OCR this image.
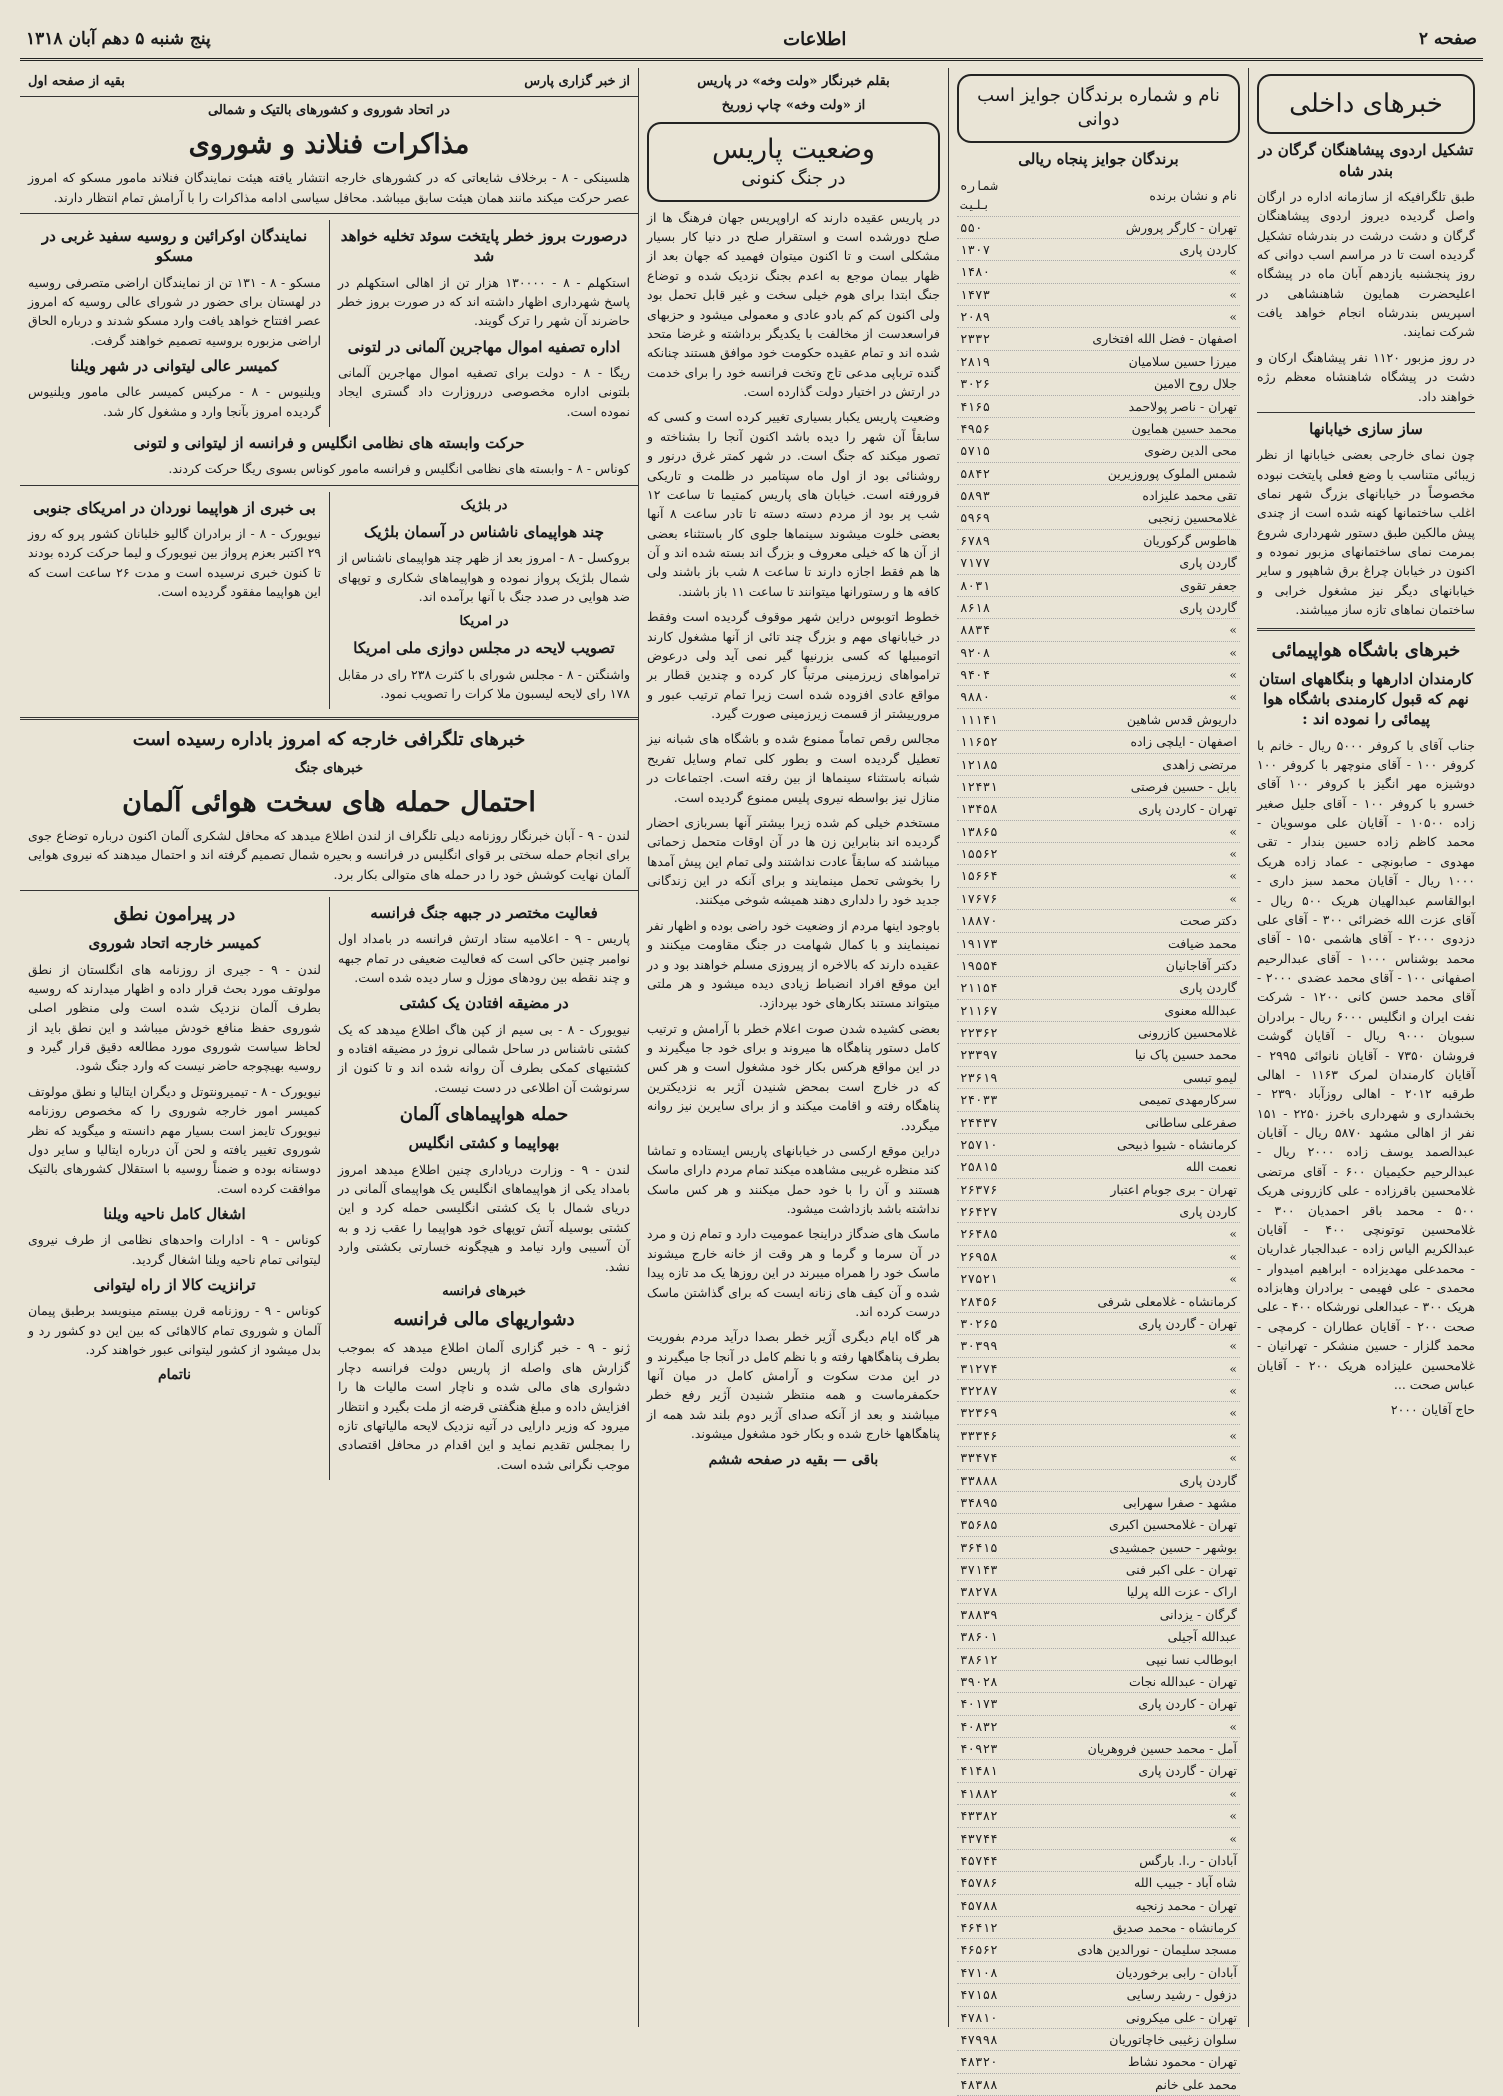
صفحه ۲
اطلاعات
پنج شنبه ۵ دهم آبان ۱۳۱۸
خبرهای داخلی
تشکیل اردوی پیشاهنگان گرگان در بندر شاه

طبق تلگرافیکه از سازمانه اداره در ارگان واصل گردیده دیروز اردوی پیشاهنگان گرگان و دشت درشت در بندرشاه تشکیل گردیده است تا در مراسم اسب دوانی که روز پنجشنبه یازدهم آبان ماه در پیشگاه اعلیحضرت همایون شاهنشاهی در اسپریس بندرشاه انجام خواهد یافت شرکت نمایند.

در روز مزبور ۱۱۲۰ نفر پیشاهنگ ارکان و دشت در پیشگاه شاهنشاه معظم رژه خواهند داد.

ساز سازی خیابانها

چون نمای خارجی بعضی خیابانها از نظر زیبائی متناسب با وضع فعلی پایتخت نبوده مخصوصاً در خیابانهای بزرگ شهر نمای اغلب ساختمانها کهنه شده است از چندی پیش مالکین طبق دستور شهرداری شروع بمرمت نمای ساختمانهای مزبور نموده و اکنون در خیابان چراغ برق شاهپور و سایر خیابانهای دیگر نیز مشغول خرابی و ساختمان نماهای تازه ساز میباشند.

خبرهای باشگاه هواپیمائی
کارمندان ادارهها و بنگاههای استان نهم که قبول کارمندی باشگاه هوا پیمائی را نموده اند :

جناب آقای با کروفر ۵۰۰۰ ریال - خانم با کروفر ۱۰۰ - آقای منوچهر با کروفر ۱۰۰ دوشیزه مهر انگیز با کروفر ۱۰۰ آقای خسرو با کروفر ۱۰۰ - آقای جلیل صغیر زاده ۱۰۵۰۰ - آقایان علی موسویان - محمد کاظم زاده حسین بندار - تقی مهدوی - صابونچی - عماد زاده هریک ۱۰۰۰ ریال - آقایان محمد سبز داری - ابوالقاسم عبدالهیان هریک ۵۰۰ ریال - آقای عزت الله خضرائی ۳۰۰ - آقای علی دزدوی ۲۰۰۰ - آقای هاشمی ۱۵۰ - آقای محمد بوشناس ۱۰۰۰ - آقای عبدالرحیم اصفهانی ۱۰۰ - آقای محمد عضدی ۲۰۰۰ - آقای محمد حسن کانی ۱۲۰۰ - شرکت نفت ایران و انگلیس ۶۰۰۰ ریال - برادران سبویان ۹۰۰۰ ریال - آقایان گوشت فروشان ۷۳۵۰ - آقایان نانوائی ۲۹۹۵ - آقایان کارمندان لمرک ۱۱۶۳ - اهالی طرقبه ۲۰۱۲ - اهالی روزآباد ۲۳۹۰ - بخشداری و شهرداری باخرز ۲۲۵۰ - ۱۵۱ نفر از اهالی مشهد ۵۸۷۰ ریال - آقایان عبدالصمد یوسف زاده ۲۰۰۰ ریال - عبدالرحیم حکیمیان ۶۰۰ - آقای مرتضی غلامحسین باقرزاده - علی کازرونی هریک ۵۰۰ - محمد باقر احمدیان ۳۰۰ - غلامحسین توتونچی ۴۰۰ - آقایان عبدالکریم الیاس زاده - عبدالجبار غداریان - محمدعلی مهدیزاده - ابراهیم امیدوار - محمدی - علی فهیمی - برادران وهابزاده هریک ۳۰۰ - عبدالعلی نورشکاه ۴۰۰ - علی صحت ۲۰۰ - آقایان عطاران - کرمچی - محمد گلزار - حسین منشکر - تهرانیان - غلامحسین علیزاده هریک ۲۰۰ - آقایان عباس صحت ...

حاج آقایان ۲۰۰۰

نام و شماره برندگان جوایز اسب دوانی
برندگان جوایز پنجاه ریالی
نام و نشان برنده	شماره بلیت
تهران - کارگر پرورش	۵۵۰
کاردن پاری	۱۳۰۷
»	۱۴۸۰
»	۱۴۷۳
»	۲۰۸۹
اصفهان - فضل الله افتخاری	۲۳۳۲
میرزا حسین سلامیان	۲۸۱۹
جلال روح الامین	۳۰۲۶
تهران - ناصر پولاحمد	۴۱۶۵
محمد حسین همایون	۴۹۵۶
محی الدین رضوی	۵۷۱۵
شمس الملوک پوروزیرین	۵۸۴۲
تقی محمد علیزاده	۵۸۹۳
غلامحسین زنجبی	۵۹۶۹
هاطوس گرکوریان	۶۷۸۹
گاردن پاری	۷۱۷۷
جعفر تقوی	۸۰۳۱
گاردن پاری	۸۶۱۸
»	۸۸۳۴
»	۹۲۰۸
»	۹۴۰۴
»	۹۸۸۰
داریوش قدس شاهین	۱۱۱۴۱
اصفهان - ایلچی زاده	۱۱۶۵۲
مرتضی زاهدی	۱۲۱۸۵
بابل - حسین فرصتی	۱۲۴۳۱
تهران - کاردن پاری	۱۳۴۵۸
»	۱۳۸۶۵
»	۱۵۵۶۲
»	۱۵۶۶۴
»	۱۷۶۷۶
دکتر صحت	۱۸۸۷۰
محمد ضیافت	۱۹۱۷۳
دکتر آقاجانیان	۱۹۵۵۴
گاردن پاری	۲۱۱۵۴
عبدالله معنوی	۲۱۱۶۷
غلامحسین کازرونی	۲۲۳۶۲
محمد حسین پاک نیا	۲۳۳۹۷
لیمو تبسی	۲۳۶۱۹
سرکارمهدی تمیمی	۲۴۰۳۳
صفرعلی ساطانی	۲۴۴۳۷
کرمانشاه - شیوا ذبیحی	۲۵۷۱۰
نعمت الله	۲۵۸۱۵
تهران - بری جوبام اعتبار	۲۶۳۷۶
کاردن پاری	۲۶۴۲۷
»	۲۶۴۸۵
»	۲۶۹۵۸
»	۲۷۵۲۱
کرمانشاه - غلامعلی شرفی	۲۸۴۵۶
تهران - گاردن پاری	۳۰۲۶۵
»	۳۰۳۹۹
»	۳۱۲۷۴
»	۳۲۲۸۷
»	۳۲۳۶۹
»	۳۳۳۴۶
»	۳۳۴۷۴
گاردن پاری	۳۳۸۸۸
مشهد - صفرا سهرابی	۳۴۸۹۵
تهران - غلامحسین اکبری	۳۵۶۸۵
بوشهر - حسین جمشیدی	۳۶۴۱۵
تهران - علی اکبر فنی	۳۷۱۴۳
اراک - عزت الله پرلیا	۳۸۲۷۸
گرگان - یزدانی	۳۸۸۳۹
عبدالله آجیلی	۳۸۶۰۱
ابوطالب نسا نیپی	۳۸۶۱۲
تهران - عبدالله نجات	۳۹۰۲۸
تهران - کاردن پاری	۴۰۱۷۳
»	۴۰۸۳۲
آمل - محمد حسین فروهریان	۴۰۹۲۳
تهران - گاردن پاری	۴۱۴۸۱
»	۴۱۸۸۲
»	۴۳۳۸۲
»	۴۳۷۴۴
آبادان - ر.ا. بارگس	۴۵۷۴۴
شاه آباد - جبیب الله	۴۵۷۸۶
تهران - محمد زنجیه	۴۵۷۸۸
کرمانشاه - محمد صدیق	۴۶۴۱۲
مسجد سلیمان - نورالدین هادی	۴۶۵۶۲
آبادان - رابی برخوردیان	۴۷۱۰۸
دزفول - رشید رسایی	۴۷۱۵۸
تهران - علی میکرونی	۴۷۸۱۰
سلوان زغیبی خاچاتوریان	۴۷۹۹۸
تهران - محمود نشاط	۴۸۳۲۰
محمد علی خانم	۴۸۳۸۸
بقلم خبرنگار «ولت وخه» در پاریس
از «ولت وخه» چاپ زوریخ
وضعیت پاریس
در جنگ کنونی

در پاریس عقیده دارند که اراوپریس جهان فرهنگ ها از صلح دورشده است و استقرار صلح در دنیا کار بسیار مشکلی است و تا اکنون میتوان فهمید که جهان بعد از ظهار بیمان موجع به اعدم بجنگ نزدیک شده و توضاع جنگ ابتدا برای هوم خیلی سخت و غیر قابل تحمل بود ولی اکنون کم کم بادو عادی و معمولی میشود و حزبهای فراسعدست از مخالفت با یکدیگر برداشته و غرضا متحد شده اند و تمام عقیده حکومت خود موافق هستند چنانکه گنده ترباپی مدعی تاج وتخت فرانسه خود را برای خدمت در ارتش در اختیار دولت گذارده است.

وضعیت پاریس یکبار بسیاری تغییر کرده است و کسی که سابقاً آن شهر را دیده باشد اکنون آنجا را بشناخته و تصور میکند که جنگ است. در شهر کمتر غرق درنور و روشنائی بود از اول ماه سپتامبر در ظلمت و تاریکی فرورفته است. خیابان های پاریس کمتیما تا ساعت ۱۲ شب پر بود از مردم دسته دسته تا تادر ساعت ۸ آنها بعضی خلوت میشوند سینماها جلوی کار باستثناء بعضی از آن ها که خیلی معروف و بزرگ اند بسته شده اند و آن ها هم فقط اجازه دارند تا ساعت ۸ شب باز باشند ولی کافه ها و رستورانها میتوانند تا ساعت ۱۱ باز باشند.

خطوط اتوبوس دراین شهر موقوف گردیده است وفقط در خیابانهای مهم و بزرگ چند تائی از آنها مشغول کارند اتومبیلها که کسی بزرنیها گیر نمی آید ولی درعوض ترامواهای زیرزمینی مرتباً کار کرده و چندین قطار بر مواقع عادی افزوده شده است زیرا تمام ترتیب عبور و مرورییشتر از قسمت زیرزمینی صورت گیرد.

مجالس رقص تماماً ممنوع شده و باشگاه های شبانه نیز تعطیل گردیده است و بطور کلی تمام وسایل تفریح شبانه باستثناء سینماها از بین رفته است. اجتماعات در منازل نیز بواسطه نیروی پلیس ممنوع گردیده است.

مستخدم خیلی کم شده زیرا بیشتر آنها بسربازی احضار گردیده اند بنابراین زن ها در آن اوقات متحمل زحماتی میباشند که سابقاً عادت نداشتند ولی تمام این پیش آمدها را بخوشی تحمل مینمایند و برای آنکه در این زندگانی جدید خود را دلداری دهند همیشه شوخی میکنند.

باوجود اینها مردم از وضعیت خود راضی بوده و اظهار نفر نمینمایند و با کمال شهامت در جنگ مقاومت میکنند و عقیده دارند که بالاخره از پیروزی مسلم خواهند بود و در این موقع افراد انضباط زیادی دیده میشود و هر ملتی میتواند مستند بکارهای خود بپردازد.

بعضی کشیده شدن صوت اعلام خطر با آرامش و ترتیب کامل دستور پناهگاه ها میروند و برای خود جا میگیرند و در این مواقع هرکس بکار خود مشغول است و هر کس که در خارج است بمحض شنیدن آژیر به نزدیکترین پناهگاه رفته و اقامت میکند و از برای سایرین نیز روانه میگردد.

دراین موقع ارکسی در خیابانهای پاریس ایستاده و تماشا کند منظره غریبی مشاهده میکند تمام مردم دارای ماسک هستند و آن را با خود حمل میکنند و هر کس ماسک نداشته باشد بازداشت میشود.

ماسک های ضدگاز دراینجا عمومیت دارد و تمام زن و مرد در آن سرما و گرما و هر وقت از خانه خارج میشوند ماسک خود را همراه میبرند در این روزها یک مد تازه پیدا شده و آن کیف های زنانه ایست که برای گذاشتن ماسک درست کرده اند.

هر گاه ایام دیگری آژیر خطر بصدا درآید مردم بفوریت بطرف پناهگاهها رفته و با نظم کامل در آنجا جا میگیرند و در این مدت سکوت و آرامش کامل در میان آنها حکمفرماست و همه منتظر شنیدن آژیر رفع خطر میباشند و بعد از آنکه صدای آژیر دوم بلند شد همه از پناهگاهها خارج شده و بکار خود مشغول میشوند.

باقی — بقیه در صفحه ششم
از خبر گزاری پارس
بقیه از صفحه اول
در اتحاد شوروی و کشورهای بالتیک و شمالی
مذاکرات فنلاند و شوروی

هلسینکی - ۸ - برخلاف شایعاتی که در کشورهای خارجه انتشار یافته هیئت نمایندگان فنلاند مامور مسکو که امروز عصر حرکت میکند مانند همان هیئت سابق میباشد. محافل سیاسی ادامه مذاکرات را با آرامش تمام انتظار دارند.

درصورت بروز خطر پایتخت سوئد تخلیه خواهد شد

استکهلم - ۸ - ۱۳۰۰۰۰ هزار تن از اهالی استکهلم در پاسخ شهرداری اظهار داشته اند که در صورت بروز خطر حاضرند آن شهر را ترک گویند.

اداره تصفیه اموال مهاجرین آلمانی در لتونی

ریگا - ۸ - دولت برای تصفیه اموال مهاجرین آلمانی بلتونی اداره مخصوصی درروزارت داد گستری ایجاد نموده است.

نمایندگان اوکرائین و روسیه سفید غربی در مسکو

مسکو - ۸ - ۱۳۱ تن از نمایندگان اراضی متصرفی روسیه در لهستان برای حضور در شورای عالی روسیه که امروز عصر افتتاح خواهد یافت وارد مسکو شدند و درباره الحاق اراضی مزبوره بروسیه تصمیم خواهند گرفت.

کمیسر عالی لیتوانی در شهر ویلنا

ویلنیوس - ۸ - مرکیس کمیسر عالی مامور ویلنیوس گردیده امروز بآنجا وارد و مشغول کار شد.

حرکت وابسته های نظامی انگلیس و فرانسه از لیتوانی و لتونی

کوناس - ۸ - وابسته های نظامی انگلیس و فرانسه مامور کوناس بسوی ریگا حرکت کردند.

در بلژیک
چند هواپیمای ناشناس در آسمان بلژیک

بروکسل - ۸ - امروز بعد از ظهر چند هواپیمای ناشناس از شمال بلژیک پرواز نموده و هواپیماهای شکاری و توپهای ضد هوایی در صدد جنگ با آنها برآمده اند.

در امریکا
تصویب لایحه در مجلس دوازی ملی امریکا

واشنگتن - ۸ - مجلس شورای با کثرت ۲۳۸ رای در مقابل ۱۷۸ رای لایحه لیسبون ملا کرات را تصویب نمود.

بی خبری از هواپیما نوردان در امریکای جنوبی

نیویورک - ۸ - از برادران گالیو خلبانان کشور پرو که روز ۲۹ اکتبر بعزم پرواز بین نیویورک و لیما حرکت کرده بودند تا کنون خبری نرسیده است و مدت ۲۶ ساعت است که این هواپیما مفقود گردیده است.

خبرهای تلگرافی خارجه که امروز باداره رسیده است
خبرهای جنگ
احتمال حمله های سخت هوائی آلمان

لندن - ۹ - آبان خبرنگار روزنامه دیلی تلگراف از لندن اطلاع میدهد که محافل لشکری آلمان اکنون درباره توضاع جوی برای انجام حمله سختی بر قوای انگلیس در فرانسه و بحیره شمال تصمیم گرفته اند و احتمال میدهند که نیروی هوایی آلمان نهایت کوشش خود را در حمله های متوالی بکار برد.

فعالیت مختصر در جبهه جنگ فرانسه

پاریس - ۹ - اعلامیه ستاد ارتش فرانسه در بامداد اول نوامبر چنین حاکی است که فعالیت ضعیفی در تمام جبهه و چند نقطه بین رودهای موزل و سار دیده شده است.

در مضیقه افتادن یک کشتی

نیویورک - ۸ - بی سیم از کپن هاگ اطلاع میدهد که یک کشتی ناشناس در ساحل شمالی نروژ در مضیقه افتاده و کشتیهای کمکی بطرف آن روانه شده اند و تا کنون از سرنوشت آن اطلاعی در دست نیست.

حمله هواپیماهای آلمان
بهواپیما و کشتی انگلیس

لندن - ۹ - وزارت دریاداری چنین اطلاع میدهد امروز بامداد یکی از هواپیماهای انگلیس یک هواپیمای آلمانی در دریای شمال با یک کشتی انگلیسی حمله کرد و این کشتی بوسیله آتش توپهای خود هواپیما را عقب زد و به آن آسیبی وارد نیامد و هیچگونه خسارتی بکشتی وارد نشد.

خبرهای فرانسه
دشواریهای مالی فرانسه

ژنو - ۹ - خبر گزاری آلمان اطلاع میدهد که بموجب گزارش های واصله از پاریس دولت فرانسه دچار دشواری های مالی شده و ناچار است مالیات ها را افزایش داده و مبلغ هنگفتی قرضه از ملت بگیرد و انتظار میرود که وزیر دارایی در آتیه نزدیک لایحه مالیاتهای تازه را بمجلس تقدیم نماید و این اقدام در محافل اقتصادی موجب نگرانی شده است.

در پیرامون نطق
کمیسر خارجه اتحاد شوروی

لندن - ۹ - جیری از روزنامه های انگلستان از نطق مولوتف مورد بحث قرار داده و اظهار میدارند که روسیه بطرف آلمان نزدیک شده است ولی منظور اصلی شوروی حفظ منافع خودش میباشد و این نطق باید از لحاظ سیاست شوروی مورد مطالعه دقیق قرار گیرد و روسیه بهیچوجه حاضر نیست که وارد جنگ شود.

نیویورک - ۸ - تیمیرونتوتل و دیگران ایتالیا و نطق مولوتف کمیسر امور خارجه شوروی را که مخصوص روزنامه نیویورک تایمز است بسیار مهم دانسته و میگوید که نظر شوروی تغییر یافته و لحن آن درباره ایتالیا و سایر دول دوستانه بوده و ضمناً روسیه با استقلال کشورهای بالتیک موافقت کرده است.

اشغال کامل ناحیه ویلنا

کوناس - ۹ - ادارات واحدهای نظامی از طرف نیروی لیتوانی تمام ناحیه ویلنا اشغال گردید.

ترانزیت کالا از راه لیتوانی

کوناس - ۹ - روزنامه قرن بیستم مینویسد برطبق پیمان آلمان و شوروی تمام کالاهائی که بین این دو کشور رد و بدل میشود از کشور لیتوانی عبور خواهند کرد.

ناتمام
